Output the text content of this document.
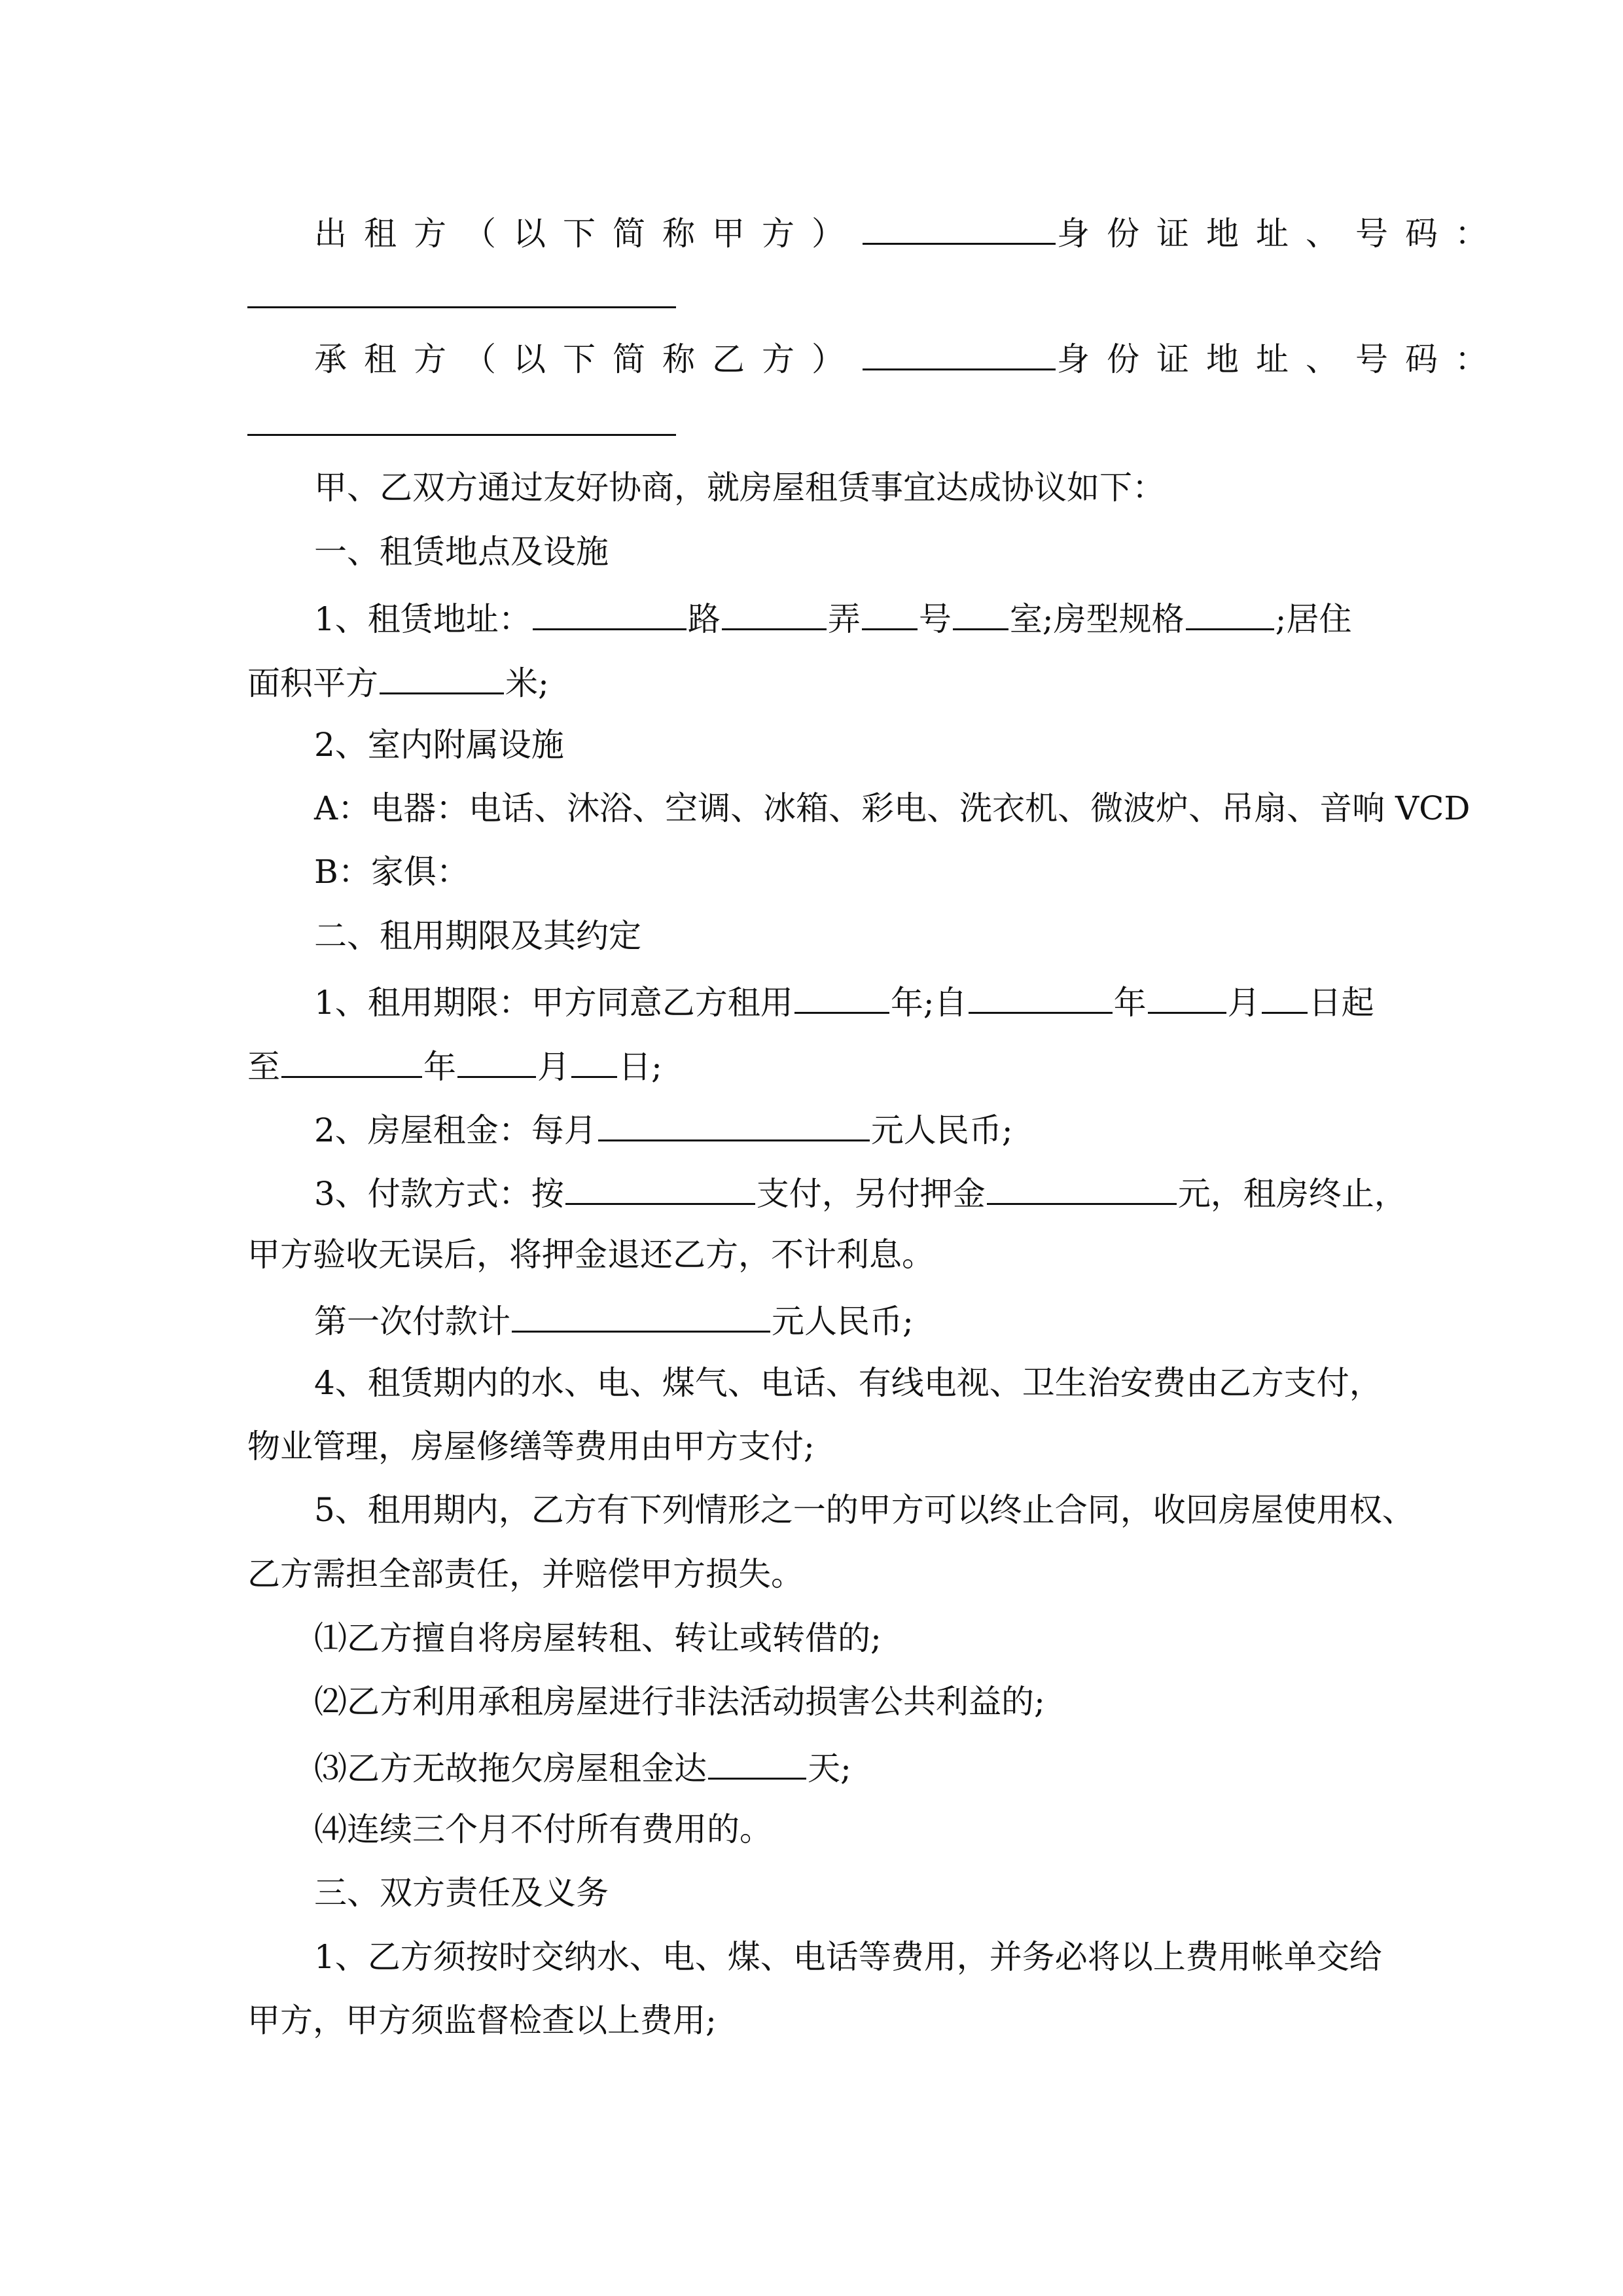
出租方（以下简称甲方）	身份证地址、号码：
承租方（以下简称乙方）	身份证地址、号码：
甲、乙双方通过友好协商，就房屋租赁事宜达成协议如下：
一、租赁地点及设施
1、租赁地址：	路	弄 号 室;房型规格	;居住
面积平方	米;
2、室内附属设施
A：电器：电话、沐浴、空调、冰箱、彩电、洗衣机、微波炉、吊扇、音响 VCD
B：家俱：
二、租用期限及其约定
1、租用期限：甲方同意乙方租用	年;自	年 月 日起
至	年 月 日;
2、房屋租金：每月	元人民币;
3、付款方式：按	支付，另付押金	元，租房终止，
甲方验收无误后，将押金退还乙方，不计利息。
第一次付款计	元人民币;
4、租赁期内的水、电、煤气、电话、有线电视、卫生治安费由乙方支付，
物业管理，房屋修缮等费用由甲方支付;
5、租用期内，乙方有下列情形之一的甲方可以终止合同，收回房屋使用权、
乙方需担全部责任，并赔偿甲方损失。
⑴乙方擅自将房屋转租、转让或转借的;
⑵乙方利用承租房屋进行非法活动损害公共利益的;
⑶乙方无故拖欠房屋租金达	天;
⑷连续三个月不付所有费用的。
三、双方责任及义务
1、乙方须按时交纳水、电、煤、电话等费用，并务必将以上费用帐单交给
甲方，甲方须监督检查以上费用;
